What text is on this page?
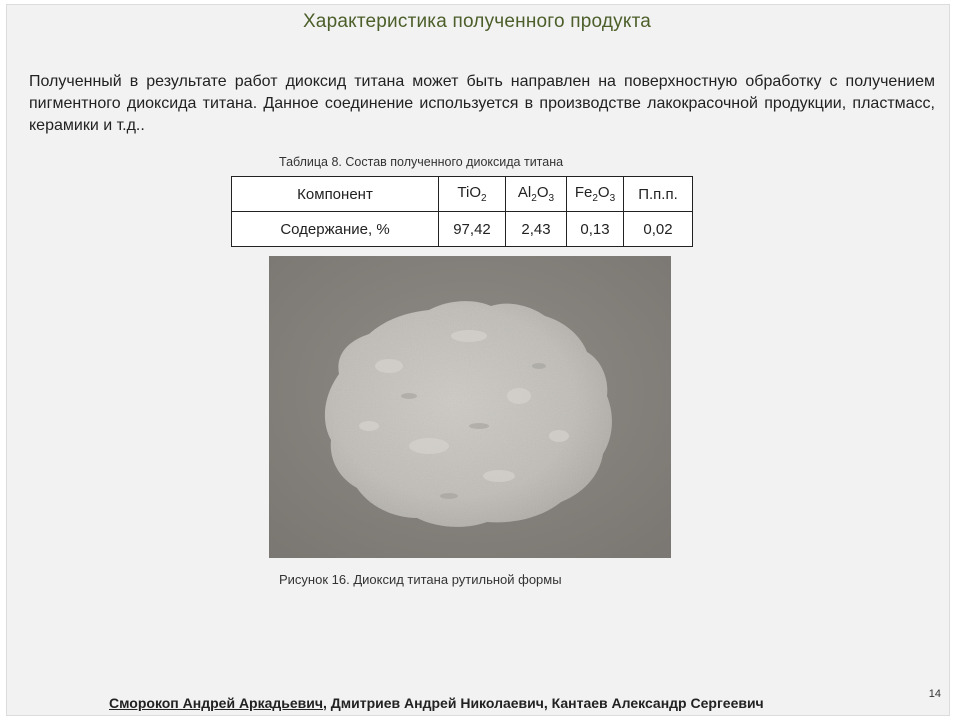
Характеристика полученного продукта
Полученный в результате работ диоксид титана может быть направлен на поверхностную обработку с получением пигментного диоксида титана. Данное соединение используется в производстве лакокрасочной продукции, пластмасс, керамики и т.д..
Таблица 8. Состав полученного диоксида титана
Компонент	TiO$_2$	$Al_2O_3$	$Fe_2O_3$	П.п.п.
Содержание, %	97,42	2,43	0,13	0,02
Рисунок 16. Диоксид титана рутильной формы
Сморокоп Андрей Аркадьевич, Дмитриев Андрей Николаевич, Кантаев Александр Сергеевич
14
